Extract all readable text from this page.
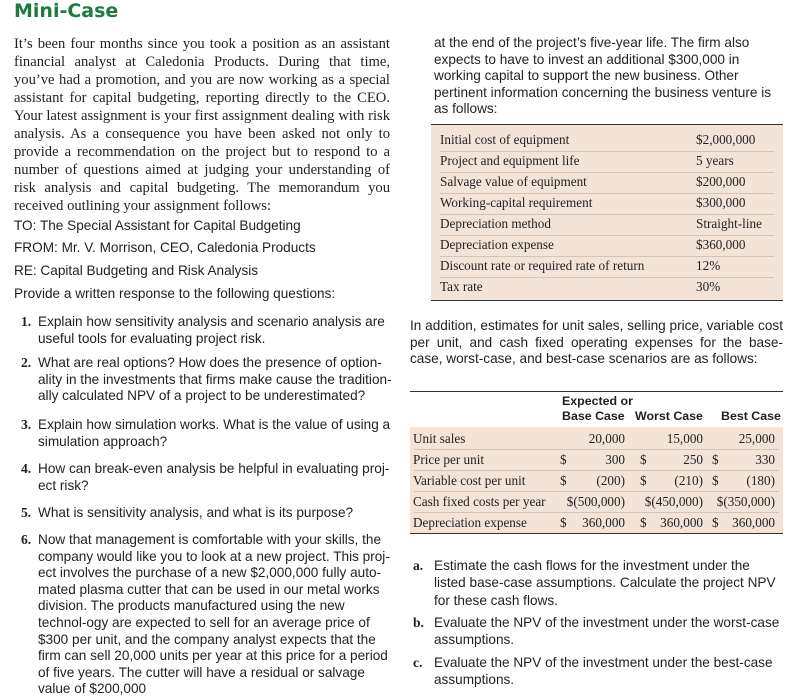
Mini-Case

It’s been four months since you took a position as an assistant financial analyst at Caledonia Products. During that time, you’ve had a promotion, and you are now working as a special assistant for capital budgeting, reporting directly to the CEO. Your latest assignment is your first assignment dealing with risk analysis. As a consequence you have been asked not only to provide a recommendation on the project but to respond to a number of questions aimed at judging your understanding of risk analysis and capital budgeting. The memorandum you received outlining your assignment follows:

TO: The Special Assistant for Capital Budgeting

FROM: Mr. V. Morrison, CEO, Caledonia Products

RE: Capital Budgeting and Risk Analysis

Provide a written response to the following questions:

1. Explain how sensitivity analysis and scenario analysis are useful tools for evaluating project risk.
2. What are real options? How does the presence of option-ality in the investments that firms make cause the tradition-ally calculated NPV of a project to be underestimated?
3. Explain how simulation works. What is the value of using a simulation approach?
4. How can break-even analysis be helpful in evaluating proj-ect risk?
5. What is sensitivity analysis, and what is its purpose?
6. Now that management is comfortable with your skills, the company would like you to look at a new project. This proj-ect involves the purchase of a new $2,000,000 fully auto-mated plasma cutter that can be used in our metal works division. The products manufactured using the new technol-ogy are expected to sell for an average price of $300 per unit, and the company analyst expects that the firm can sell 20,000 units per year at this price for a period of five years. The cutter will have a residual or salvage value of $200,000

at the end of the project’s five-year life. The firm also expects to have to invest an additional $300,000 in working capital to support the new business. Other pertinent information concerning the business venture is as follows:

Initial cost of equipment	$2,000,000
Project and equipment life	5 years
Salvage value of equipment	$200,000
Working-capital requirement	$300,000
Depreciation method	Straight-line
Depreciation expense	$360,000
Discount rate or required rate of return	12%
Tax rate	30%

In addition, estimates for unit sales, selling price, variable cost per unit, and cash fixed operating expenses for the base-case, worst-case, and best-case scenarios are as follows:

Expected or
Base Case Worst Case Best Case
Unit sales	20,000	15,000	25,000
Price per unit	$	300 $	250 $	330
Variable cost per unit	$ (200) $ (210) $ (180)
Cash fixed costs per year $(500,000) $(450,000) $(350,000)
Depreciation expense	$ 360,000 $ 360,000 $ 360,000
a. Estimate the cash flows for the investment under the listed base-case assumptions. Calculate the project NPV for these cash flows.
b. Evaluate the NPV of the investment under the worst-case assumptions.
c. Evaluate the NPV of the investment under the best-case assumptions.
